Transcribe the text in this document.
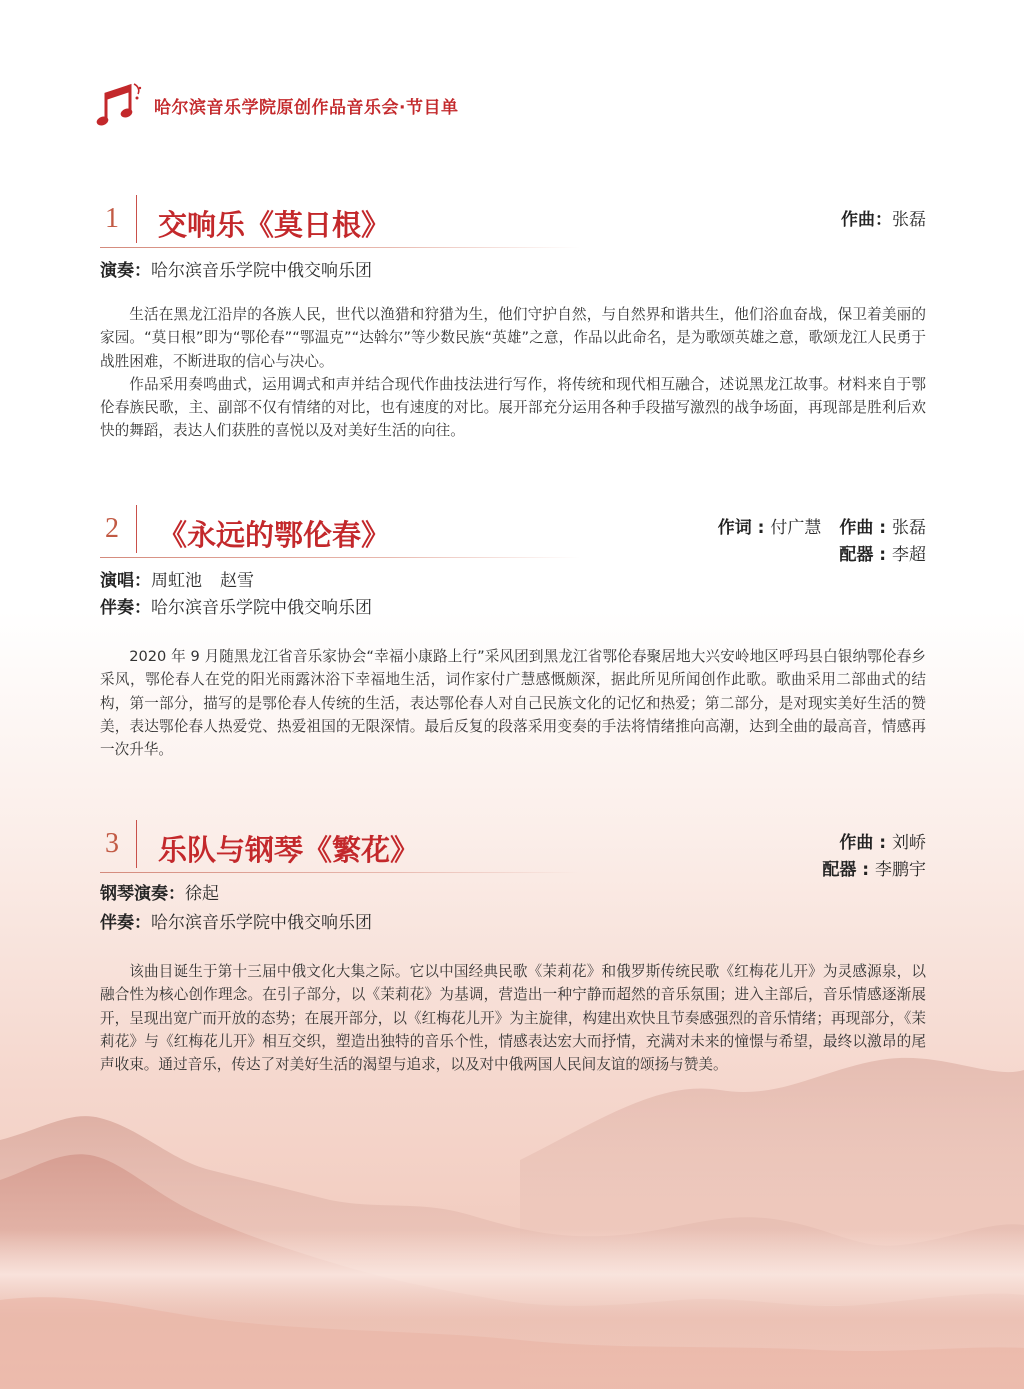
哈尔滨音乐学院原创作品音乐会·节目单
1 交响乐《莫日根》	作曲：张磊
演奏：哈尔滨音乐学院中俄交响乐团

生活在黑龙江沿岸的各族人民，世代以渔猎和狩猎为生，他们守护自然，与自然界和谐共生，他们浴血奋战，保卫着美丽的家园。“莫日根”即为“鄂伦春”“鄂温克”“达斡尔”等少数民族“英雄”之意，作品以此命名，是为歌颂英雄之意，歌颂龙江人民勇于战胜困难，不断进取的信心与决心。

作品采用奏鸣曲式，运用调式和声并结合现代作曲技法进行写作，将传统和现代相互融合，述说黑龙江故事。材料来自于鄂伦春族民歌，主、副部不仅有情绪的对比，也有速度的对比。展开部充分运用各种手段描写激烈的战争场面，再现部是胜利后欢快的舞蹈，表达人们获胜的喜悦以及对美好生活的向往。

2 《永远的鄂伦春》	作词 : 付广慧 作曲 : 张磊
配器 : 李超
演唱：周虹池 赵雪
伴奏：哈尔滨音乐学院中俄交响乐团

2020 年 9 月随黑龙江省音乐家协会“幸福小康路上行”采风团到黑龙江省鄂伦春聚居地大兴安岭地区呼玛县白银纳鄂伦春乡采风，鄂伦春人在党的阳光雨露沐浴下幸福地生活，词作家付广慧感慨颇深，据此所见所闻创作此歌。歌曲采用二部曲式的结构，第一部分，描写的是鄂伦春人传统的生活，表达鄂伦春人对自己民族文化的记忆和热爱；第二部分，是对现实美好生活的赞美，表达鄂伦春人热爱党、热爱祖国的无限深情。最后反复的段落采用变奏的手法将情绪推向高潮，达到全曲的最高音，情感再一次升华。

3 乐队与钢琴《繁花》	作曲 : 刘峤
配器 : 李鹏宇
钢琴演奏：徐起
伴奏：哈尔滨音乐学院中俄交响乐团

该曲目诞生于第十三届中俄文化大集之际。它以中国经典民歌《茉莉花》和俄罗斯传统民歌《红梅花儿开》为灵感源泉，以融合性为核心创作理念。在引子部分，以《茉莉花》为基调，营造出一种宁静而超然的音乐氛围；进入主部后，音乐情感逐渐展开，呈现出宽广而开放的态势；在展开部分，以《红梅花儿开》为主旋律，构建出欢快且节奏感强烈的音乐情绪；再现部分，《茉莉花》与《红梅花儿开》相互交织，塑造出独特的音乐个性，情感表达宏大而抒情，充满对未来的憧憬与希望，最终以激昂的尾声收束。通过音乐，传达了对美好生活的渴望与追求，以及对中俄两国人民间友谊的颂扬与赞美。
